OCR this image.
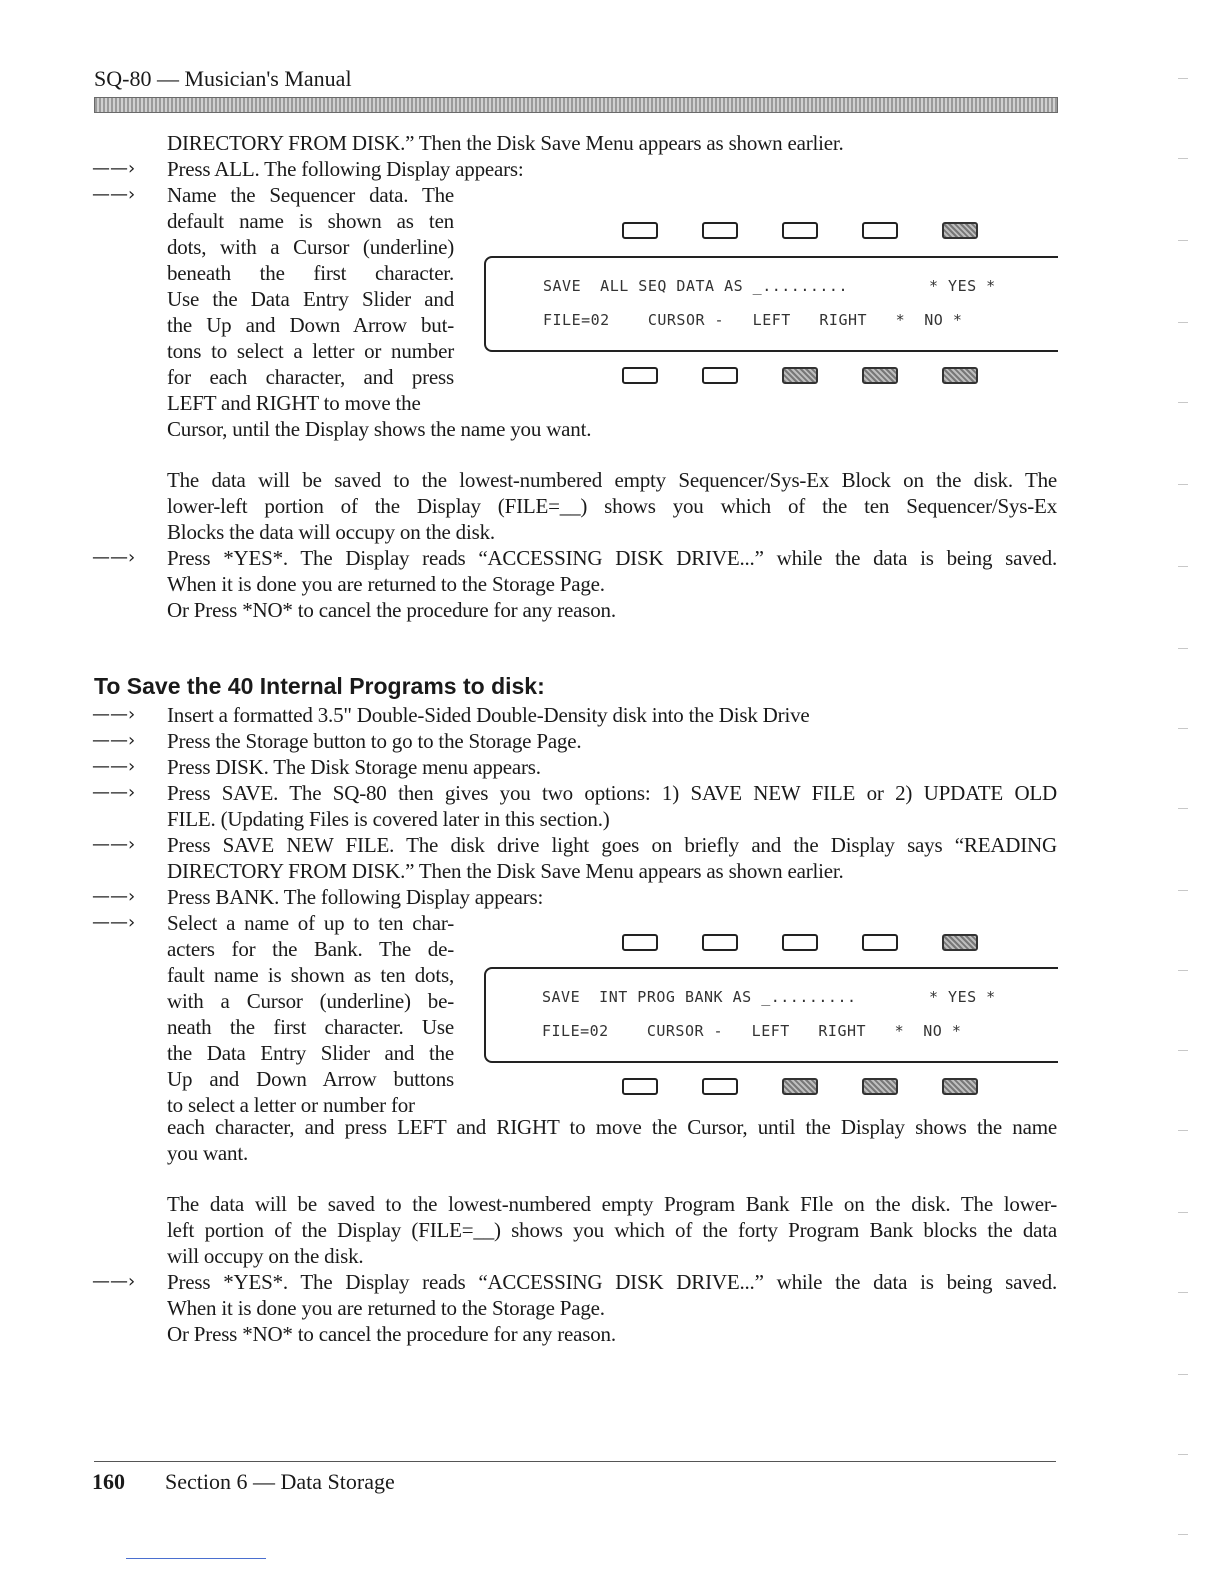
SQ-80 — Musician's Manual
DIRECTORY FROM DISK.” Then the Disk Save Menu appears as shown earlier.
——› Press ALL. The following Display appears:
——› Name the Sequencer data. The
default name is shown as ten
dots, with a Cursor (underline)
beneath the first character.
Use the Data Entry Slider and
the Up and Down Arrow but-
tons to select a letter or number
for each character, and press
LEFT and RIGHT to move the
Cursor, until the Display shows the name you want.
SAVE  ALL SEQ DATA AS _.........	* YES *
FILE=02    CURSOR -   LEFT   RIGHT   *  NO *
The data will be saved to the lowest-numbered empty Sequencer/Sys-Ex Block on the disk. The
lower-left portion of the Display (FILE=__) shows you which of the ten Sequencer/Sys-Ex
Blocks the data will occupy on the disk.
——› Press *YES*. The Display reads “ACCESSING DISK DRIVE...” while the data is being saved.
When it is done you are returned to the Storage Page.
Or Press *NO* to cancel the procedure for any reason.
To Save the 40 Internal Programs to disk:
——› Insert a formatted 3.5" Double-Sided Double-Density disk into the Disk Drive
——› Press the Storage button to go to the Storage Page.
——› Press DISK. The Disk Storage menu appears.
——› Press SAVE. The SQ-80 then gives you two options: 1) SAVE NEW FILE or 2) UPDATE OLD
FILE. (Updating Files is covered later in this section.)
——› Press SAVE NEW FILE. The disk drive light goes on briefly and the Display says “READING
DIRECTORY FROM DISK.” Then the Disk Save Menu appears as shown earlier.
——› Press BANK. The following Display appears:
——› Select a name of up to ten char-
acters for the Bank. The de-
fault name is shown as ten dots,
with a Cursor (underline) be-
neath the first character. Use
the Data Entry Slider and the
Up and Down Arrow buttons
to select a letter or number for
each character, and press LEFT and RIGHT to move the Cursor, until the Display shows the name
you want.
SAVE  INT PROG BANK AS _.........	* YES *
FILE=02    CURSOR -   LEFT   RIGHT   *  NO *
The data will be saved to the lowest-numbered empty Program Bank FIle on the disk. The lower-
left portion of the Display (FILE=__) shows you which of the forty Program Bank blocks the data
will occupy on the disk.
——› Press *YES*. The Display reads “ACCESSING DISK DRIVE...” while the data is being saved.
When it is done you are returned to the Storage Page.
Or Press *NO* to cancel the procedure for any reason.
160 Section 6 — Data Storage
